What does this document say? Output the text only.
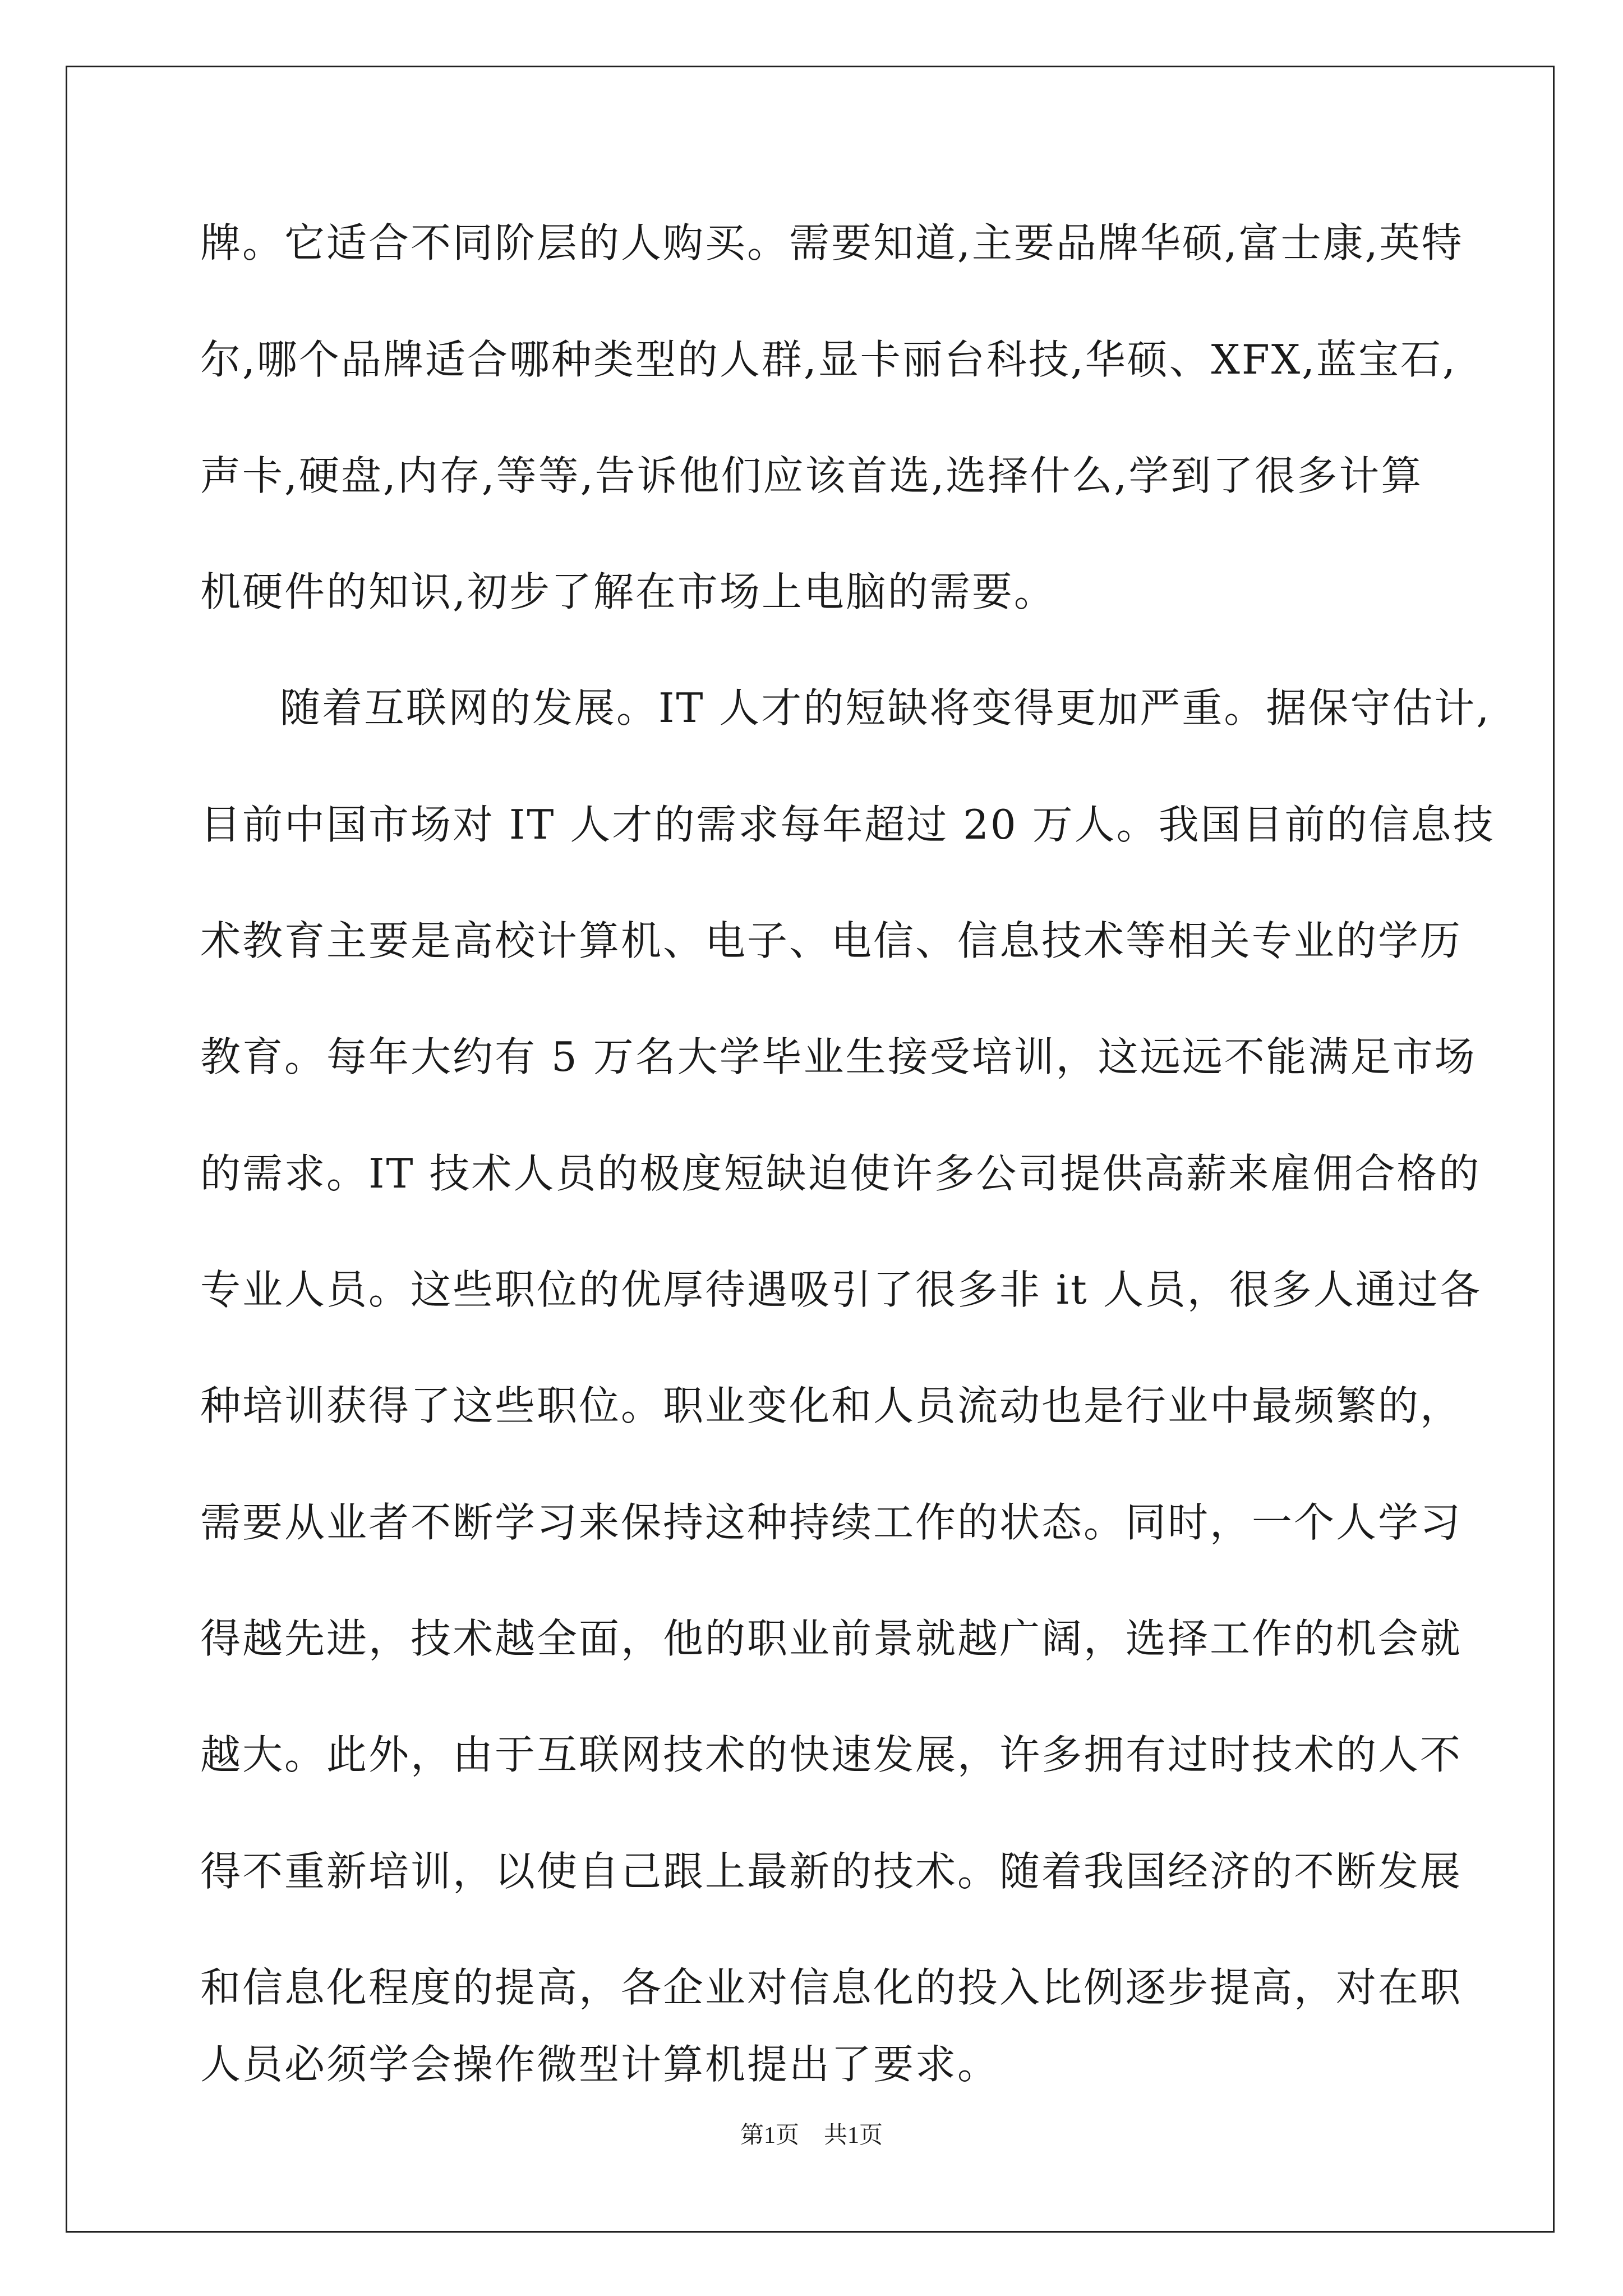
牌。它适合不同阶层的人购买。需要知道,主要品牌华硕,富士康,英特
尔,哪个品牌适合哪种类型的人群,显卡丽台科技,华硕、XFX,蓝宝石,
声卡,硬盘,内存,等等,告诉他们应该首选,选择什么,学到了很多计算
机硬件的知识,初步了解在市场上电脑的需要。
随着互联网的发展。IT 人才的短缺将变得更加严重。据保守估计,
目前中国市场对 IT 人才的需求每年超过 20 万人。我国目前的信息技
术教育主要是高校计算机、电子、电信、信息技术等相关专业的学历
教育。每年大约有 5 万名大学毕业生接受培训，这远远不能满足市场
的需求。IT 技术人员的极度短缺迫使许多公司提供高薪来雇佣合格的
专业人员。这些职位的优厚待遇吸引了很多非 it 人员，很多人通过各
种培训获得了这些职位。职业变化和人员流动也是行业中最频繁的，
需要从业者不断学习来保持这种持续工作的状态。同时，一个人学习
得越先进，技术越全面，他的职业前景就越广阔，选择工作的机会就
越大。此外，由于互联网技术的快速发展，许多拥有过时技术的人不
得不重新培训，以使自己跟上最新的技术。随着我国经济的不断发展
和信息化程度的提高，各企业对信息化的投入比例逐步提高，对在职
人员必须学会操作微型计算机提出了要求。
第1页 共1页
